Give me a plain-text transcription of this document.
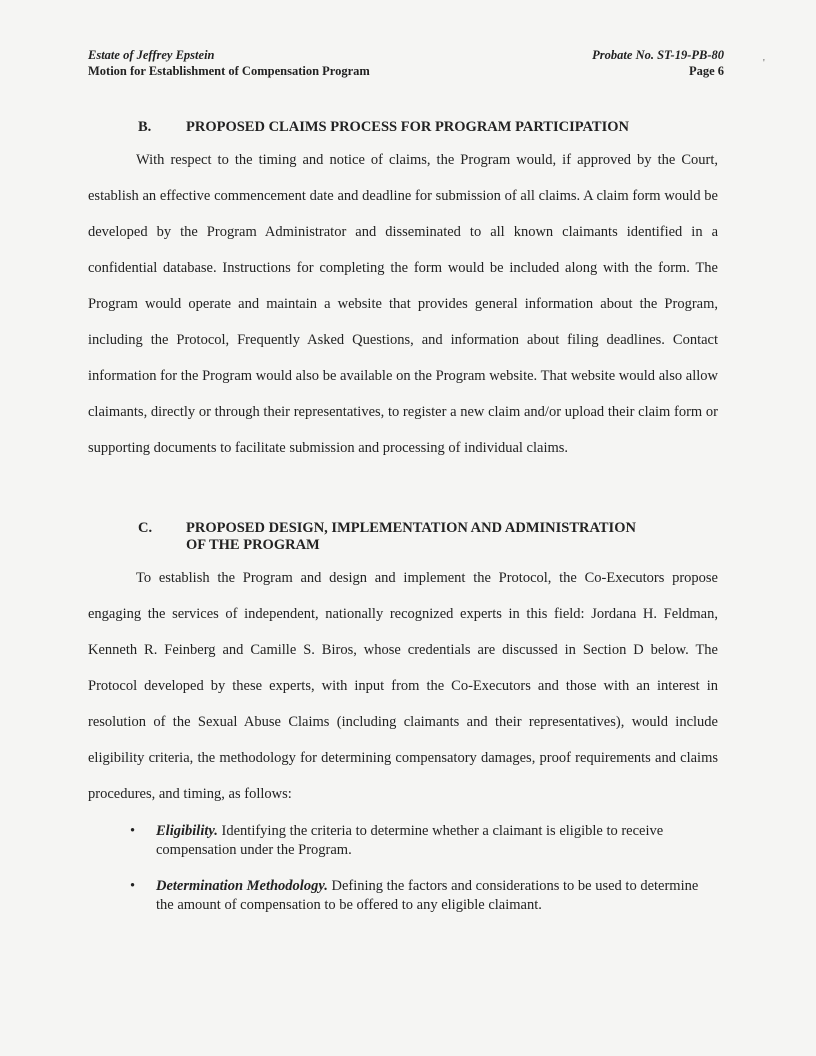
Estate of Jeffrey Epstein
Motion for Establishment of Compensation Program
Probate No. ST-19-PB-80
Page 6
'
B. PROPOSED CLAIMS PROCESS FOR PROGRAM PARTICIPATION

With respect to the timing and notice of claims, the Program would, if approved by the Court, establish an effective commencement date and deadline for submission of all claims. A claim form would be developed by the Program Administrator and disseminated to all known claimants identified in a confidential database. Instructions for completing the form would be included along with the form. The Program would operate and maintain a website that provides general information about the Program, including the Protocol, Frequently Asked Questions, and information about filing deadlines. Contact information for the Program would also be available on the Program website. That website would also allow claimants, directly or through their representatives, to register a new claim and/or upload their claim form or supporting documents to facilitate submission and processing of individual claims.

C. PROPOSED DESIGN, IMPLEMENTATION AND ADMINISTRATION
OF THE PROGRAM

To establish the Program and design and implement the Protocol, the Co-Executors propose engaging the services of independent, nationally recognized experts in this field: Jordana H. Feldman, Kenneth R. Feinberg and Camille S. Biros, whose credentials are discussed in Section D below. The Protocol developed by these experts, with input from the Co-Executors and those with an interest in resolution of the Sexual Abuse Claims (including claimants and their representatives), would include eligibility criteria, the methodology for determining compensatory damages, proof requirements and claims procedures, and timing, as follows:

• Eligibility. Identifying the criteria to determine whether a claimant is eligible to receive compensation under the Program.
• Determination Methodology. Defining the factors and considerations to be used to determine the amount of compensation to be offered to any eligible claimant.
